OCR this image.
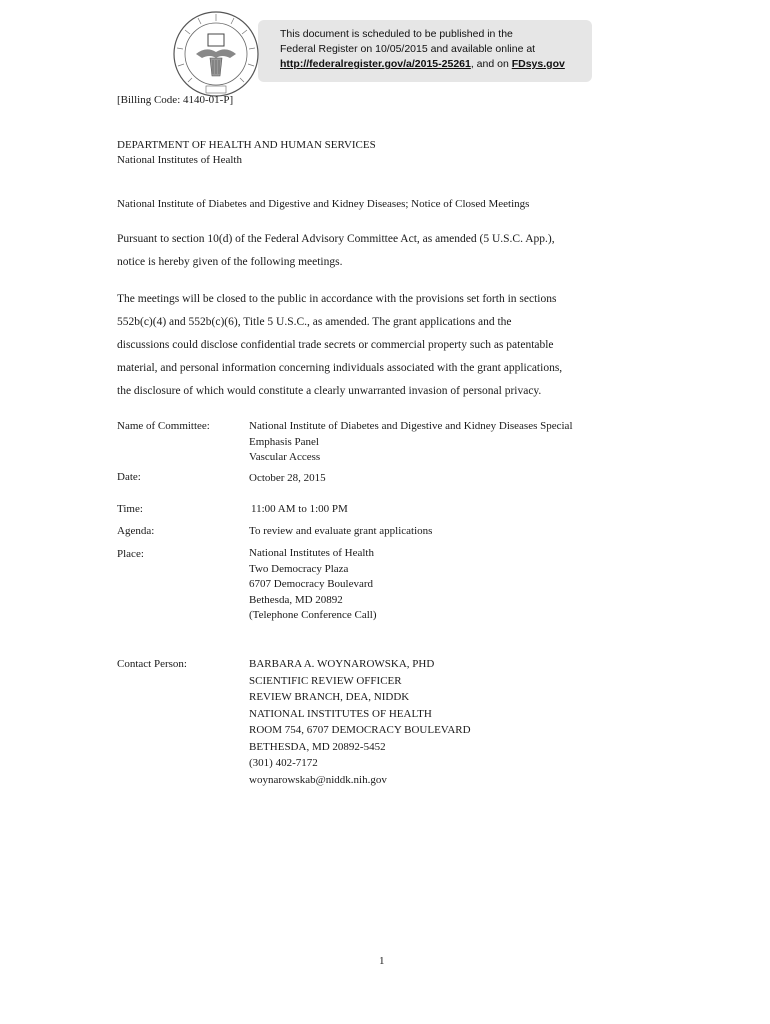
This document is scheduled to be published in the
Federal Register on 10/05/2015 and available online at
http://federalregister.gov/a/2015-25261, and on FDsys.gov
[Billing Code: 4140-01-P]
DEPARTMENT OF HEALTH AND HUMAN SERVICES
National Institutes of Health
National Institute of Diabetes and Digestive and Kidney Diseases; Notice of Closed Meetings
Pursuant to section 10(d) of the Federal Advisory Committee Act, as amended (5 U.S.C. App.),
notice is hereby given of the following meetings.
The meetings will be closed to the public in accordance with the provisions set forth in sections
552b(c)(4) and 552b(c)(6), Title 5 U.S.C., as amended. The grant applications and the
discussions could disclose confidential trade secrets or commercial property such as patentable
material, and personal information concerning individuals associated with the grant applications,
the disclosure of which would constitute a clearly unwarranted invasion of personal privacy.
Name of Committee:	National Institute of Diabetes and Digestive and Kidney Diseases Special
Emphasis Panel
Vascular Access
Date:	October 28, 2015
Time:	11:00 AM to 1:00 PM
Agenda:	To review and evaluate grant applications
Place:	National Institutes of Health
Two Democracy Plaza
6707 Democracy Boulevard
Bethesda, MD 20892
(Telephone Conference Call)
Contact Person:	BARBARA A. WOYNAROWSKA, PHD
SCIENTIFIC REVIEW OFFICER
REVIEW BRANCH, DEA, NIDDK
NATIONAL INSTITUTES OF HEALTH
ROOM 754, 6707 DEMOCRACY BOULEVARD
BETHESDA, MD 20892-5452
(301) 402-7172
woynarowskab@niddk.nih.gov
1
